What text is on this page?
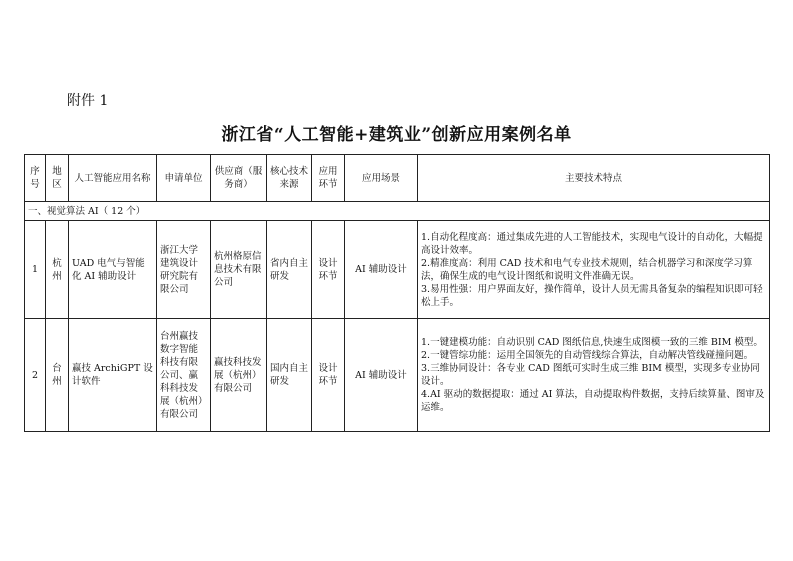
附件 1
浙江省“人工智能+建筑业”创新应用案例名单
序号	地区	人工智能应用名称	申请单位	供应商（服务商）	核心技术来源	应用环节	应用场景	主要技术特点
一、视觉算法 AI（ 12 个）								
1	杭州	UAD 电气与智能化 AI 辅助设计	浙江大学建筑设计研究院有限公司	杭州格原信息技术有限公司	省内自主研发	设计环节	AI 辅助设计	1.自动化程度高：通过集成先进的人工智能技术，实现电气设计的自动化，大幅提高设计效率。
2.精准度高：利用 CAD 技术和电气专业技术规则，结合机器学习和深度学习算法，确保生成的电气设计图纸和说明文件准确无误。
3.易用性强：用户界面友好，操作简单，设计人员无需具备复杂的编程知识即可轻松上手。

2	台州	赢技 ArchiGPT 设计软件	台州赢技数字智能科技有限公司、赢科科技发展（杭州）有限公司	赢技科技发展（杭州）有限公司	国内自主研发	设计环节	AI 辅助设计	1.一键建模功能：自动识别 CAD 图纸信息,快速生成图模一致的三维 BIM 模型。
2.一键管综功能：运用全国领先的自动管线综合算法，自动解决管线碰撞问题。
3.三维协同设计：各专业 CAD 图纸可实时生成三维 BIM 模型，实现多专业协同设计。
4.AI 驱动的数据提取：通过 AI 算法，自动提取构件数据，支持后续算量、图审及运维。
